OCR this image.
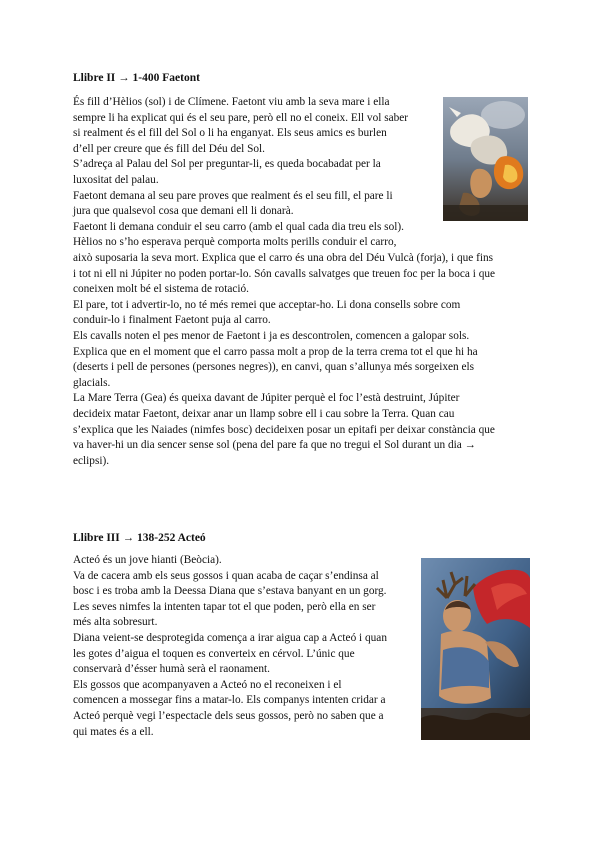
Llibre II → 1-400 Faetont
És fill d’Hèlios (sol) i de Clímene. Faetont viu amb la seva mare i ella
sempre li ha explicat qui és el seu pare, però ell no el coneix. Ell vol saber
si realment és el fill del Sol o li ha enganyat. Els seus amics es burlen
d’ell per creure que és fill del Déu del Sol.
S’adreça al Palau del Sol per preguntar-li, es queda bocabadat per la
luxositat del palau.
Faetont demana al seu pare proves que realment és el seu fill, el pare li
jura que qualsevol cosa que demani ell li donarà.
Faetont li demana conduir el seu carro (amb el qual cada dia treu els sol).
Hèlios no s’ho esperava perquè comporta molts perills conduir el carro,
això suposaria la seva mort. Explica que el carro és una obra del Déu Vulcà (forja), i que fins
i tot ni ell ni Júpiter no poden portar-lo. Són cavalls salvatges que treuen foc per la boca i que
coneixen molt bé el sistema de rotació.
El pare, tot i advertir-lo, no té més remei que acceptar-ho. Li dona consells sobre com
conduir-lo i finalment Faetont puja al carro.
Els cavalls noten el pes menor de Faetont i ja es descontrolen, comencen a galopar sols.
Explica que en el moment que el carro passa molt a prop de la terra crema tot el que hi ha
(deserts i pell de persones (persones negres)), en canvi, quan s’allunya més sorgeixen els
glacials.
La Mare Terra (Gea) és queixa davant de Júpiter perquè el foc l’està destruint, Júpiter
decideix matar Faetont, deixar anar un llamp sobre ell i cau sobre la Terra. Quan cau
s’explica que les Naiades (nimfes bosc) decideixen posar un epitafi per deixar constància que
va haver-hi un dia sencer sense sol (pena del pare fa que no tregui el Sol durant un dia →
eclipsi).
Llibre III → 138-252 Acteó
Acteó és un jove hianti (Beòcia).
Va de cacera amb els seus gossos i quan acaba de caçar s’endinsa al
bosc i es troba amb la Deessa Diana que s’estava banyant en un gorg.
Les seves nimfes la intenten tapar tot el que poden, però ella en ser
més alta sobresurt.
Diana veient-se desprotegida comença a irar aigua cap a Acteó i quan
les gotes d’aigua el toquen es converteix en cérvol. L’únic que
conservarà d’ésser humà serà el raonament.
Els gossos que acompanyaven a Acteó no el reconeixen i el
comencen a mossegar fins a matar-lo. Els companys intenten cridar a
Acteó perquè vegi l’espectacle dels seus gossos, però no saben que a
qui mates és a ell.
